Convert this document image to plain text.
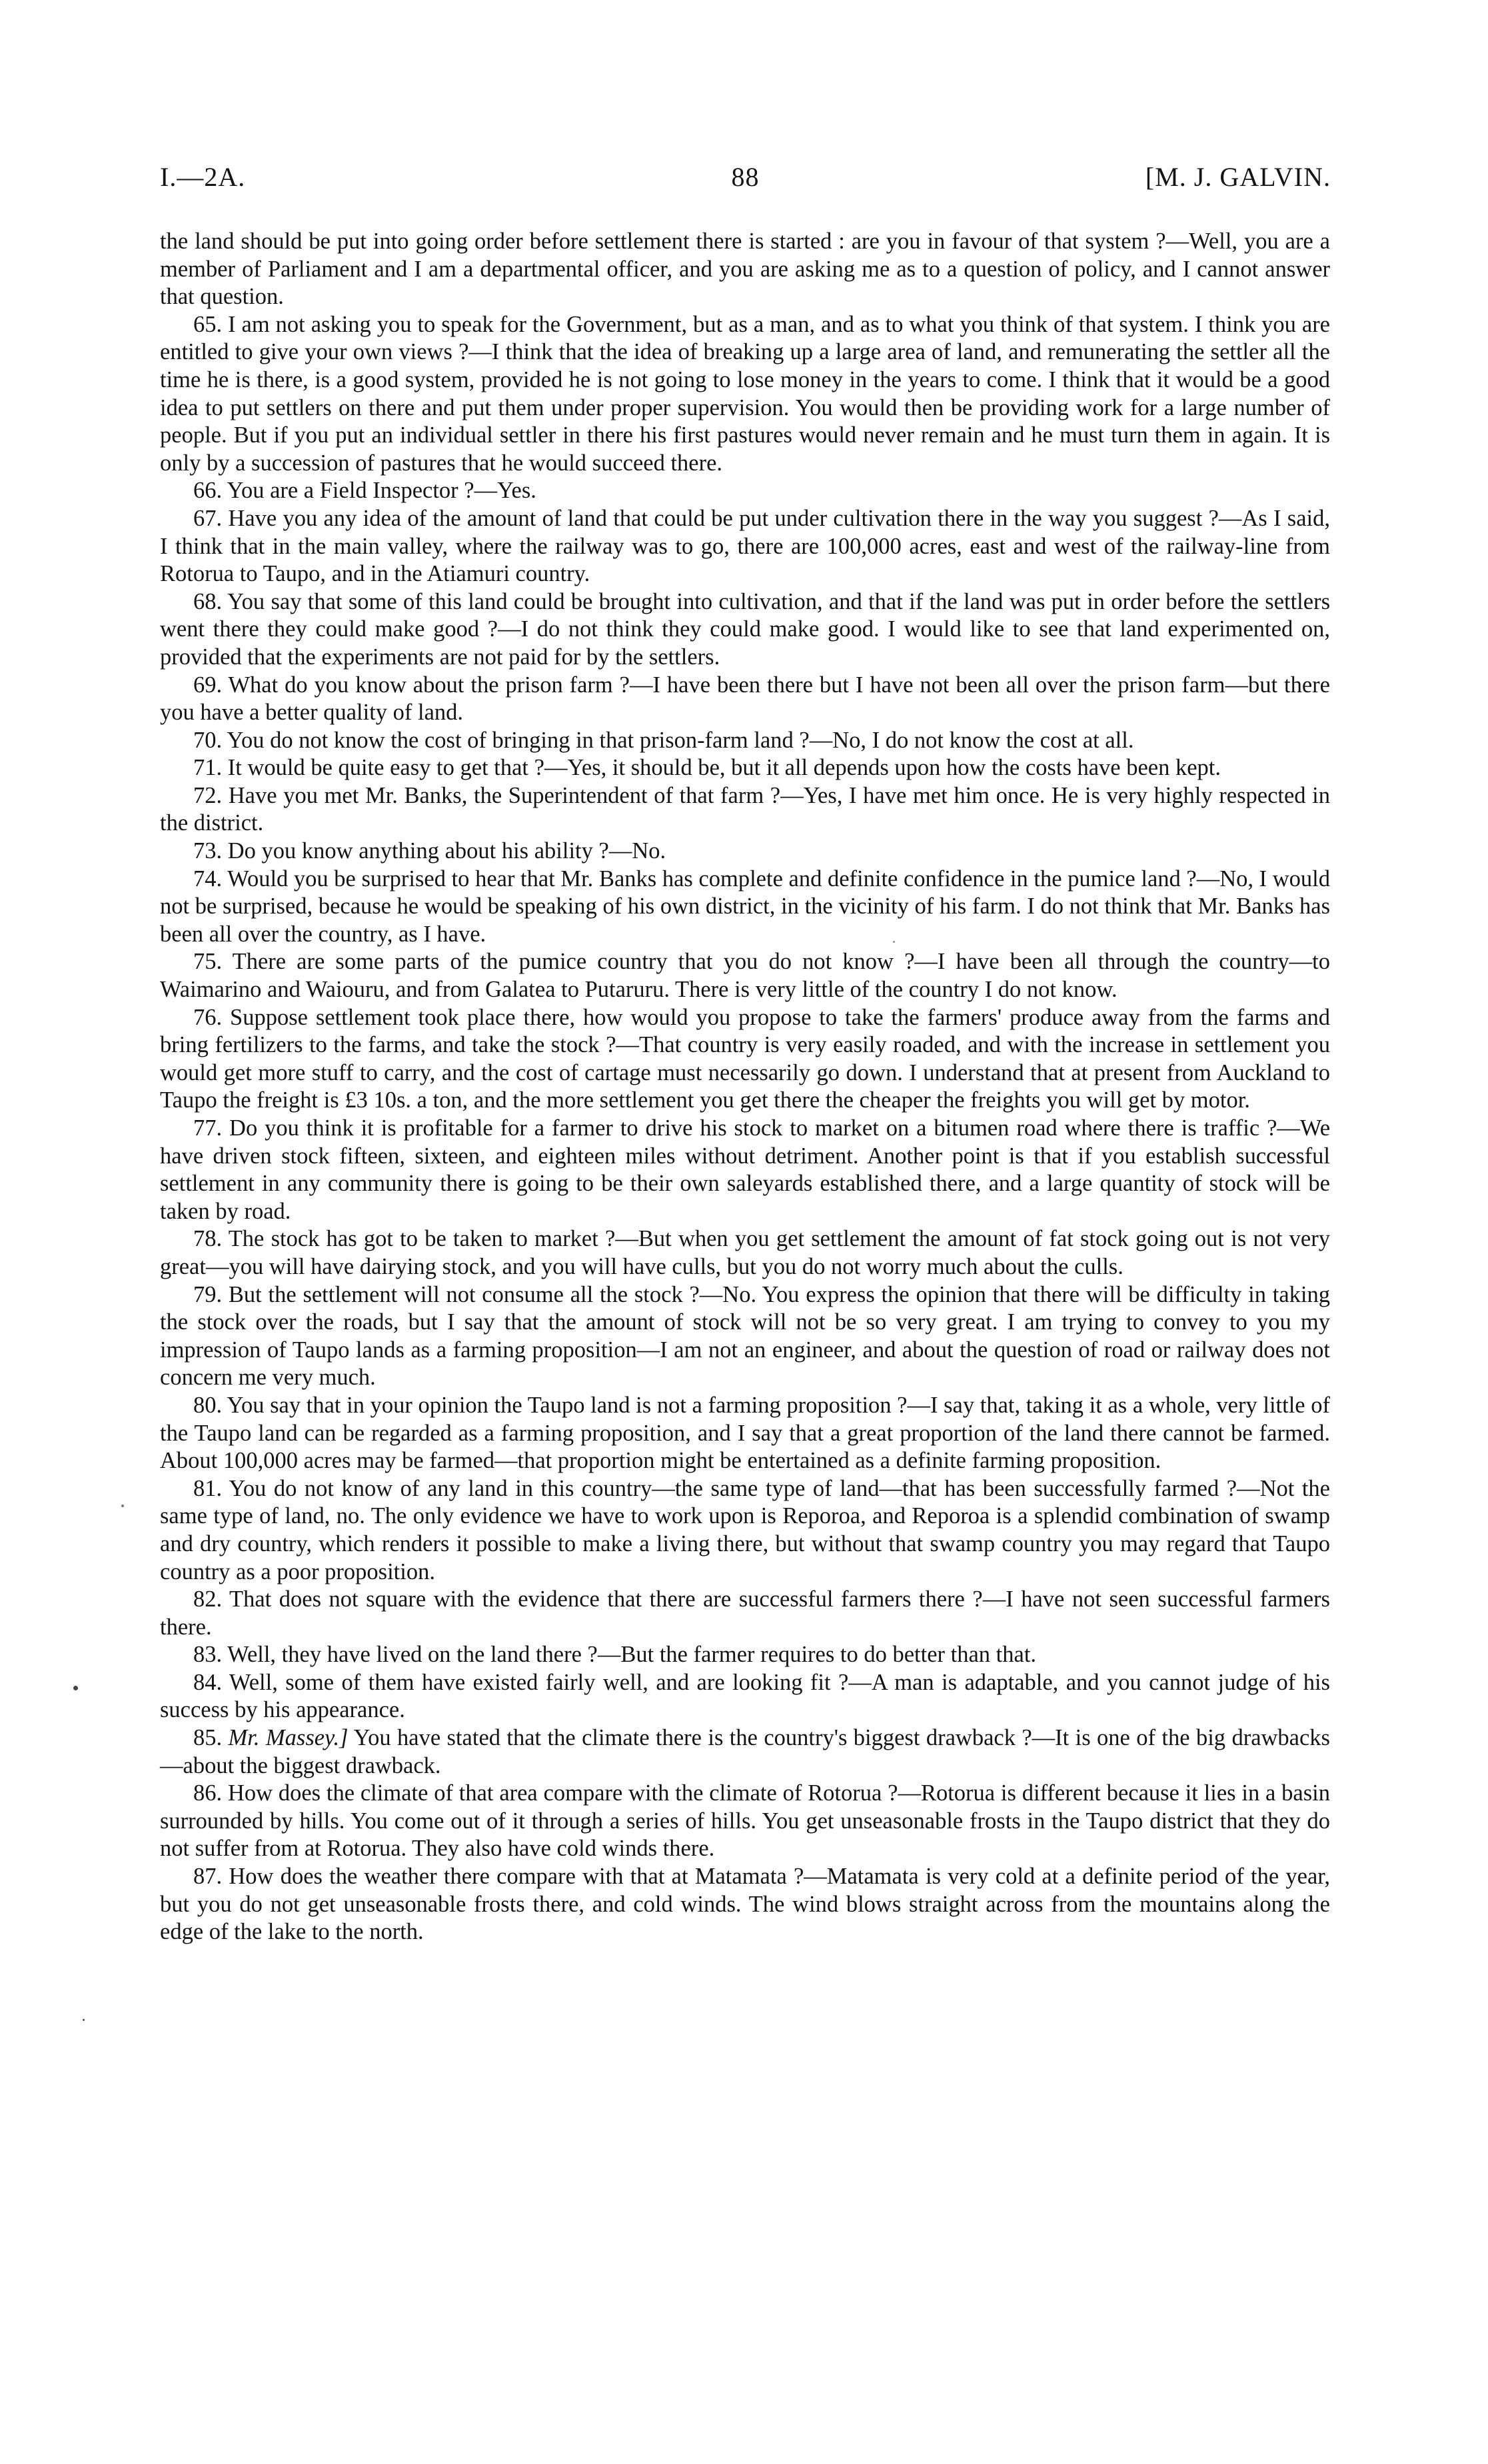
I.—2A.	88	[M. J. GALVIN.

the land should be put into going order before settlement there is started : are you in favour of that system ?—Well, you are a member of Parliament and I am a departmental officer, and you are asking me as to a question of policy, and I cannot answer that question.

65. I am not asking you to speak for the Government, but as a man, and as to what you think of that system. I think you are entitled to give your own views ?—I think that the idea of breaking up a large area of land, and remunerating the settler all the time he is there, is a good system, provided he is not going to lose money in the years to come. I think that it would be a good idea to put settlers on there and put them under proper supervision. You would then be providing work for a large number of people. But if you put an individual settler in there his first pastures would never remain and he must turn them in again. It is only by a succession of pastures that he would succeed there.

66. You are a Field Inspector ?—Yes.

67. Have you any idea of the amount of land that could be put under cultivation there in the way you suggest ?—As I said, I think that in the main valley, where the railway was to go, there are 100,000 acres, east and west of the railway-line from Rotorua to Taupo, and in the Atiamuri country.

68. You say that some of this land could be brought into cultivation, and that if the land was put in order before the settlers went there they could make good ?—I do not think they could make good. I would like to see that land experimented on, provided that the experiments are not paid for by the settlers.

69. What do you know about the prison farm ?—I have been there but I have not been all over the prison farm—but there you have a better quality of land.

70. You do not know the cost of bringing in that prison-farm land ?—No, I do not know the cost at all.

71. It would be quite easy to get that ?—Yes, it should be, but it all depends upon how the costs have been kept.

72. Have you met Mr. Banks, the Superintendent of that farm ?—Yes, I have met him once. He is very highly respected in the district.

73. Do you know anything about his ability ?—No.

74. Would you be surprised to hear that Mr. Banks has complete and definite confidence in the pumice land ?—No, I would not be surprised, because he would be speaking of his own district, in the vicinity of his farm. I do not think that Mr. Banks has been all over the country, as I have.

75. There are some parts of the pumice country that you do not know ?—I have been all through the country—to Waimarino and Waiouru, and from Galatea to Putaruru. There is very little of the country I do not know.

76. Suppose settlement took place there, how would you propose to take the farmers' produce away from the farms and bring fertilizers to the farms, and take the stock ?—That country is very easily roaded, and with the increase in settlement you would get more stuff to carry, and the cost of cartage must necessarily go down. I understand that at present from Auckland to Taupo the freight is £3 10s. a ton, and the more settlement you get there the cheaper the freights you will get by motor.

77. Do you think it is profitable for a farmer to drive his stock to market on a bitumen road where there is traffic ?—We have driven stock fifteen, sixteen, and eighteen miles without detriment. Another point is that if you establish successful settlement in any community there is going to be their own saleyards established there, and a large quantity of stock will be taken by road.

78. The stock has got to be taken to market ?—But when you get settlement the amount of fat stock going out is not very great—you will have dairying stock, and you will have culls, but you do not worry much about the culls.

79. But the settlement will not consume all the stock ?—No. You express the opinion that there will be difficulty in taking the stock over the roads, but I say that the amount of stock will not be so very great. I am trying to convey to you my impression of Taupo lands as a farming proposition—I am not an engineer, and about the question of road or railway does not concern me very much.

80. You say that in your opinion the Taupo land is not a farming proposition ?—I say that, taking it as a whole, very little of the Taupo land can be regarded as a farming proposition, and I say that a great proportion of the land there cannot be farmed. About 100,000 acres may be farmed—that proportion might be entertained as a definite farming proposition.

81. You do not know of any land in this country—the same type of land—that has been successfully farmed ?—Not the same type of land, no. The only evidence we have to work upon is Reporoa, and Reporoa is a splendid combination of swamp and dry country, which renders it possible to make a living there, but without that swamp country you may regard that Taupo country as a poor proposition.

82. That does not square with the evidence that there are successful farmers there ?—I have not seen successful farmers there.

83. Well, they have lived on the land there ?—But the farmer requires to do better than that.

84. Well, some of them have existed fairly well, and are looking fit ?—A man is adaptable, and you cannot judge of his success by his appearance.

85. Mr. Massey.] You have stated that the climate there is the country's biggest drawback ?—It is one of the big drawbacks—about the biggest drawback.

86. How does the climate of that area compare with the climate of Rotorua ?—Rotorua is different because it lies in a basin surrounded by hills. You come out of it through a series of hills. You get unseasonable frosts in the Taupo district that they do not suffer from at Rotorua. They also have cold winds there.

87. How does the weather there compare with that at Matamata ?—Matamata is very cold at a definite period of the year, but you do not get unseasonable frosts there, and cold winds. The wind blows straight across from the mountains along the edge of the lake to the north.
